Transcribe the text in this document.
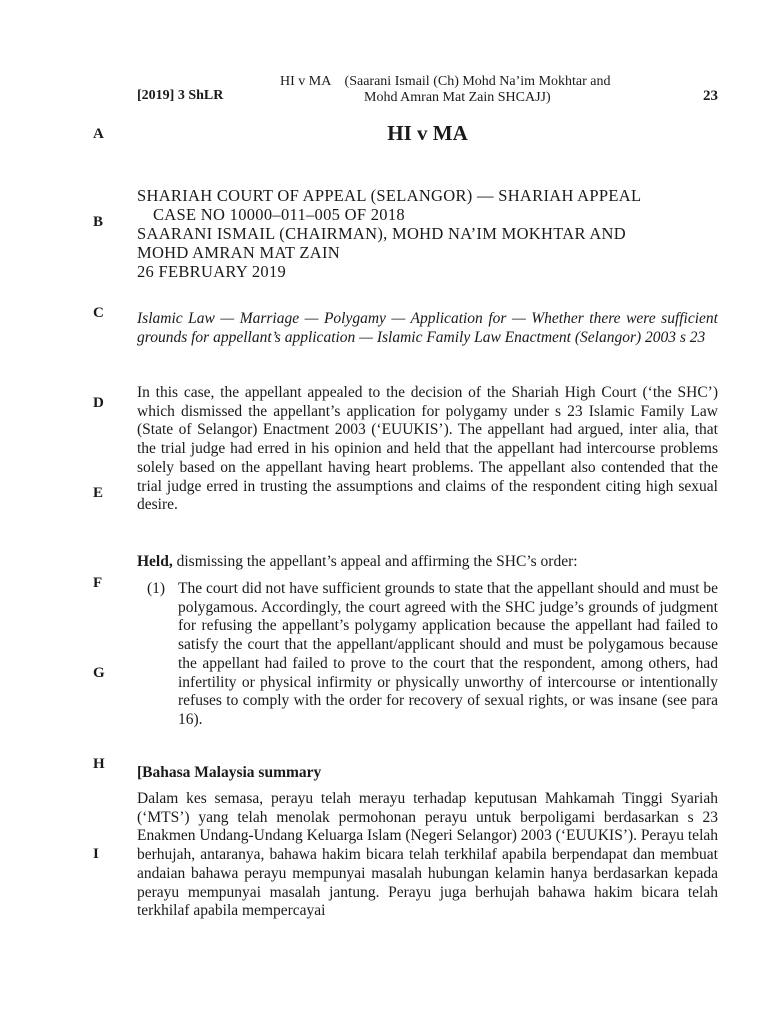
[2019] 3 ShLR
HI v MA    (Saarani Ismail (Ch) Mohd Na’im Mokhtar and
Mohd Amran Mat Zain SHCAJJ)	23
A
B
C
D
E
F
G
H
I
HI v MA
SHARIAH COURT OF APPEAL (SELANGOR) — SHARIAH APPEAL
CASE NO 10000–011–005 OF 2018
SAARANI ISMAIL (CHAIRMAN), MOHD NA’IM MOKHTAR AND
MOHD AMRAN MAT ZAIN
26 FEBRUARY 2019
Islamic Law — Marriage — Polygamy — Application for — Whether there were sufficient grounds for appellant’s application — Islamic Family Law Enactment (Selangor) 2003 s 23

In this case, the appellant appealed to the decision of the Shariah High Court (‘the SHC’) which dismissed the appellant’s application for polygamy under s 23 Islamic Family Law (State of Selangor) Enactment 2003 (‘EUUKIS’). The appellant had argued, inter alia, that the trial judge had erred in his opinion and held that the appellant had intercourse problems solely based on the appellant having heart problems. The appellant also contended that the trial judge erred in trusting the assumptions and claims of the respondent citing high sexual desire.

Held, dismissing the appellant’s appeal and affirming the SHC’s order:
(1) The court did not have sufficient grounds to state that the appellant should and must be polygamous. Accordingly, the court agreed with the SHC judge’s grounds of judgment for refusing the appellant’s polygamy application because the appellant had failed to satisfy the court that the appellant/applicant should and must be polygamous because the appellant had failed to prove to the court that the respondent, among others, had infertility or physical infirmity or physically unworthy of intercourse or intentionally refuses to comply with the order for recovery of sexual rights, or was insane (see para 16).
[Bahasa Malaysia summary

Dalam kes semasa, perayu telah merayu terhadap keputusan Mahkamah Tinggi Syariah (‘MTS’) yang telah menolak permohonan perayu untuk berpoligami berdasarkan s 23 Enakmen Undang-Undang Keluarga Islam (Negeri Selangor) 2003 (‘EUUKIS’). Perayu telah berhujah, antaranya, bahawa hakim bicara telah terkhilaf apabila berpendapat dan membuat andaian bahawa perayu mempunyai masalah hubungan kelamin hanya berdasarkan kepada perayu mempunyai masalah jantung. Perayu juga berhujah bahawa hakim bicara telah terkhilaf apabila mempercayai
